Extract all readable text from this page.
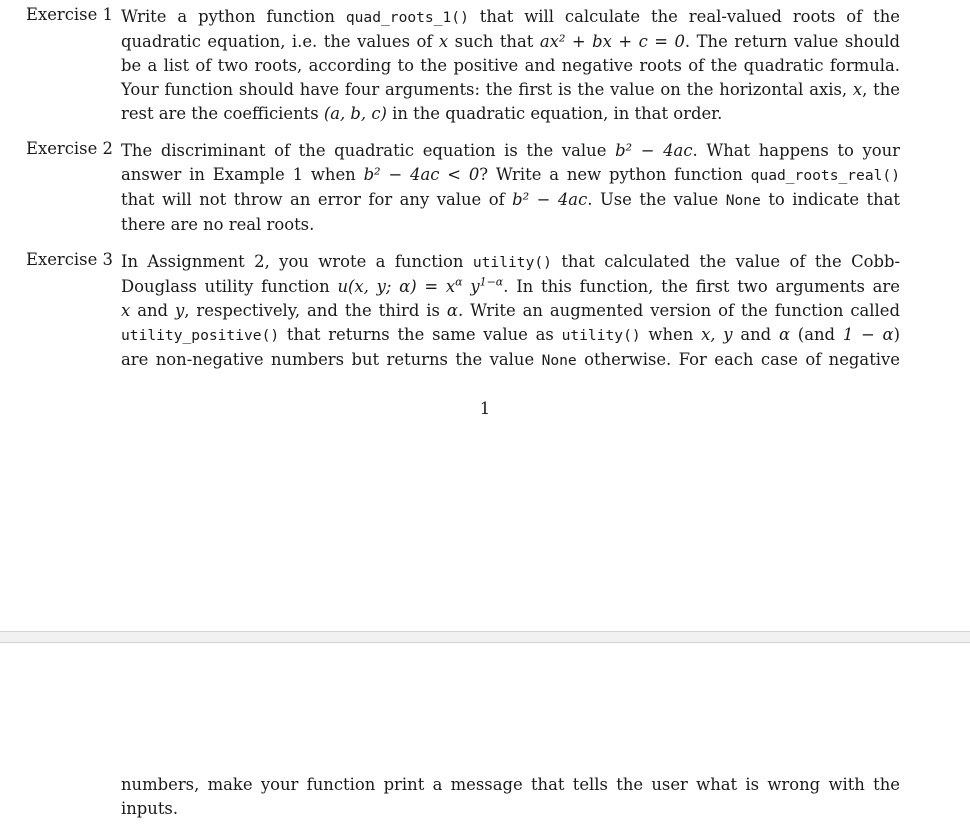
Exercise 1 Write a python function quad_roots_1() that will calculate the real-valued roots of the
quadratic equation, i.e. the values of x such that ax² + bx + c = 0. The return value should
be a list of two roots, according to the positive and negative roots of the quadratic formula.
Your function should have four arguments: the first is the value on the horizontal axis, x, the
rest are the coefficients (a, b, c) in the quadratic equation, in that order.
Exercise 2 The discriminant of the quadratic equation is the value b² − 4ac. What happens to your
answer in Example 1 when b² − 4ac < 0? Write a new python function quad_roots_real()
that will not throw an error for any value of b² − 4ac. Use the value None to indicate that
there are no real roots.
Exercise 3 In Assignment 2, you wrote a function utility() that calculated the value of the Cobb-
Douglass utility function u(x, y; $\alpha) = x^\alpha$ $y^{1-\alpha}$. In this function, the first two arguments are
x and y, respectively, and the third is α. Write an augmented version of the function called
utility_positive() that returns the same value as utility() when x, y and α (and 1 − α)
are non-negative numbers but returns the value None otherwise. For each case of negative
1
numbers, make your function print a message that tells the user what is wrong with the
inputs.
